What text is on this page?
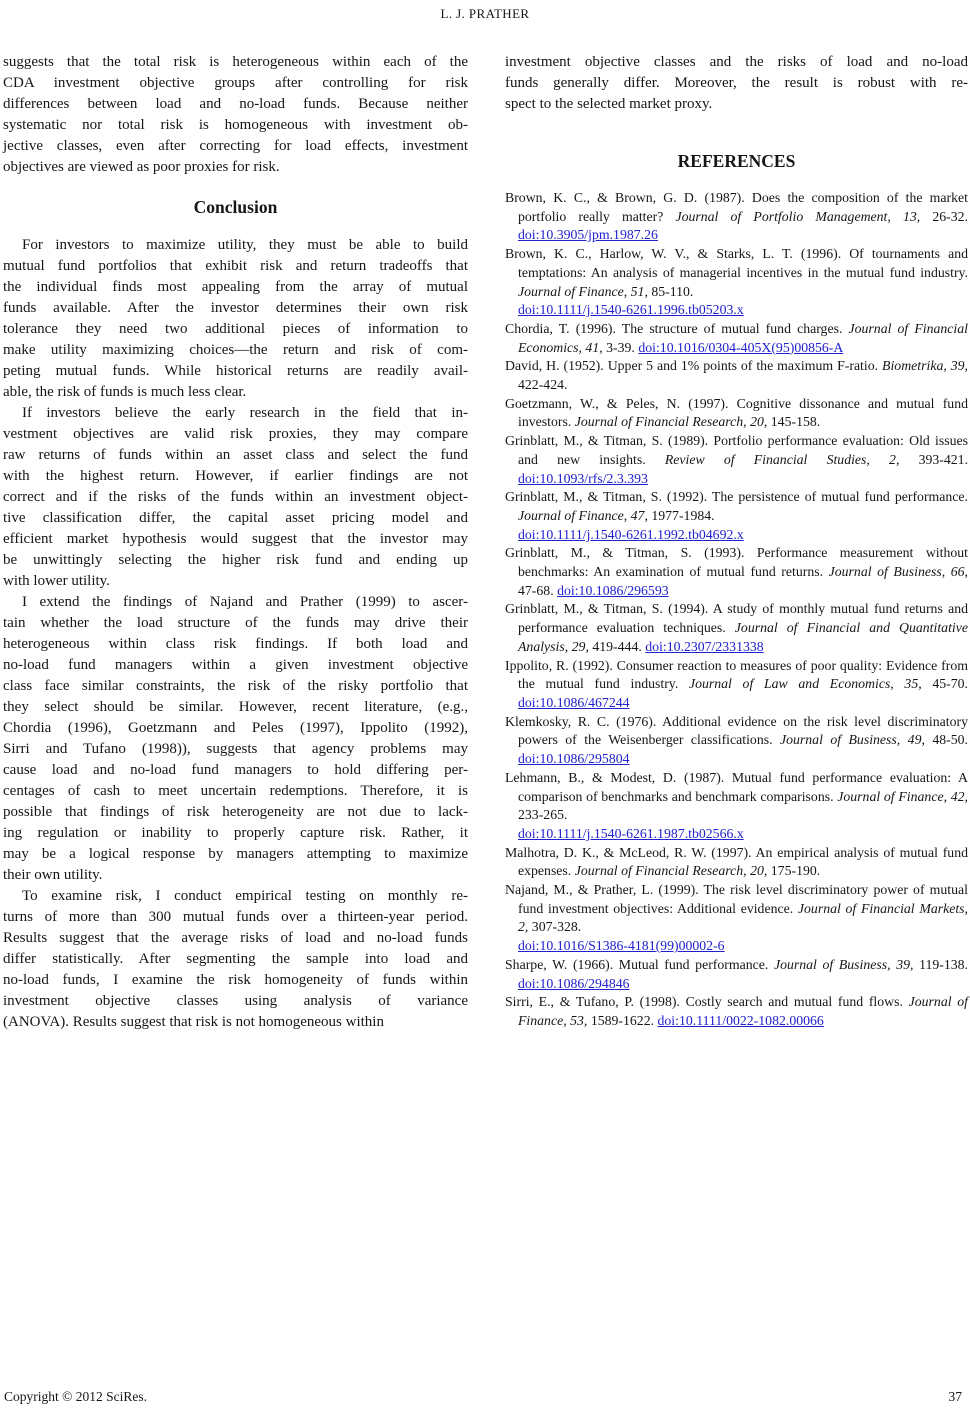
L. J. PRATHER
suggests that the total risk is heterogeneous within each of the
CDA investment objective groups after controlling for risk
differences between load and no-load funds. Because neither
systematic nor total risk is homogeneous with investment ob-
jective classes, even after correcting for load effects, investment
objectives are viewed as poor proxies for risk.
Conclusion
For investors to maximize utility, they must be able to build
mutual fund portfolios that exhibit risk and return tradeoffs that
the individual finds most appealing from the array of mutual
funds available. After the investor determines their own risk
tolerance they need two additional pieces of information to
make utility maximizing choices—the return and risk of com-
peting mutual funds. While historical returns are readily avail-
able, the risk of funds is much less clear.
If investors believe the early research in the field that in-
vestment objectives are valid risk proxies, they may compare
raw returns of funds within an asset class and select the fund
with the highest return. However, if earlier findings are not
correct and if the risks of the funds within an investment object-
tive classification differ, the capital asset pricing model and
efficient market hypothesis would suggest that the investor may
be unwittingly selecting the higher risk fund and ending up
with lower utility.
I extend the findings of Najand and Prather (1999) to ascer-
tain whether the load structure of the funds may drive their
heterogeneous within class risk findings. If both load and
no-load fund managers within a given investment objective
class face similar constraints, the risk of the risky portfolio that
they select should be similar. However, recent literature, (e.g.,
Chordia (1996), Goetzmann and Peles (1997), Ippolito (1992),
Sirri and Tufano (1998)), suggests that agency problems may
cause load and no-load fund managers to hold differing per-
centages of cash to meet uncertain redemptions. Therefore, it is
possible that findings of risk heterogeneity are not due to lack-
ing regulation or inability to properly capture risk. Rather, it
may be a logical response by managers attempting to maximize
their own utility.
To examine risk, I conduct empirical testing on monthly re-
turns of more than 300 mutual funds over a thirteen-year period.
Results suggest that the average risks of load and no-load funds
differ statistically. After segmenting the sample into load and
no-load funds, I examine the risk homogeneity of funds within
investment objective classes using analysis of variance
(ANOVA). Results suggest that risk is not homogeneous within
investment objective classes and the risks of load and no-load
funds generally differ. Moreover, the result is robust with re-
spect to the selected market proxy.
REFERENCES

Brown, K. C., & Brown, G. D. (1987). Does the composition of the market portfolio really matter? Journal of Portfolio Management, 13, 26-32. doi:10.3905/jpm.1987.26

Brown, K. C., Harlow, W. V., & Starks, L. T. (1996). Of tournaments and temptations: An analysis of managerial incentives in the mutual fund industry. Journal of Finance, 51, 85-110.
doi:10.1111/j.1540-6261.1996.tb05203.x

Chordia, T. (1996). The structure of mutual fund charges. Journal of Financial Economics, 41, 3-39. doi:10.1016/0304-405X(95)00856-A

David, H. (1952). Upper 5 and 1% points of the maximum F-ratio. Biometrika, 39, 422-424.

Goetzmann, W., & Peles, N. (1997). Cognitive dissonance and mutual fund investors. Journal of Financial Research, 20, 145-158.

Grinblatt, M., & Titman, S. (1989). Portfolio performance evaluation: Old issues and new insights. Review of Financial Studies, 2, 393-421. doi:10.1093/rfs/2.3.393

Grinblatt, M., & Titman, S. (1992). The persistence of mutual fund performance. Journal of Finance, 47, 1977-1984.
doi:10.1111/j.1540-6261.1992.tb04692.x

Grinblatt, M., & Titman, S. (1993). Performance measurement without benchmarks: An examination of mutual fund returns. Journal of Business, 66, 47-68. doi:10.1086/296593

Grinblatt, M., & Titman, S. (1994). A study of monthly mutual fund returns and performance evaluation techniques. Journal of Financial and Quantitative Analysis, 29, 419-444. doi:10.2307/2331338

Ippolito, R. (1992). Consumer reaction to measures of poor quality: Evidence from the mutual fund industry. Journal of Law and Economics, 35, 45-70. doi:10.1086/467244

Klemkosky, R. C. (1976). Additional evidence on the risk level discriminatory powers of the Weisenberger classifications. Journal of Business, 49, 48-50. doi:10.1086/295804

Lehmann, B., & Modest, D. (1987). Mutual fund performance evaluation: A comparison of benchmarks and benchmark comparisons. Journal of Finance, 42, 233-265.
doi:10.1111/j.1540-6261.1987.tb02566.x

Malhotra, D. K., & McLeod, R. W. (1997). An empirical analysis of mutual fund expenses. Journal of Financial Research, 20, 175-190.

Najand, M., & Prather, L. (1999). The risk level discriminatory power of mutual fund investment objectives: Additional evidence. Journal of Financial Markets, 2, 307-328.
doi:10.1016/S1386-4181(99)00002-6

Sharpe, W. (1966). Mutual fund performance. Journal of Business, 39, 119-138. doi:10.1086/294846

Sirri, E., & Tufano, P. (1998). Costly search and mutual fund flows. Journal of Finance, 53, 1589-1622. doi:10.1111/0022-1082.00066

Copyright © 2012 SciRes.	37
